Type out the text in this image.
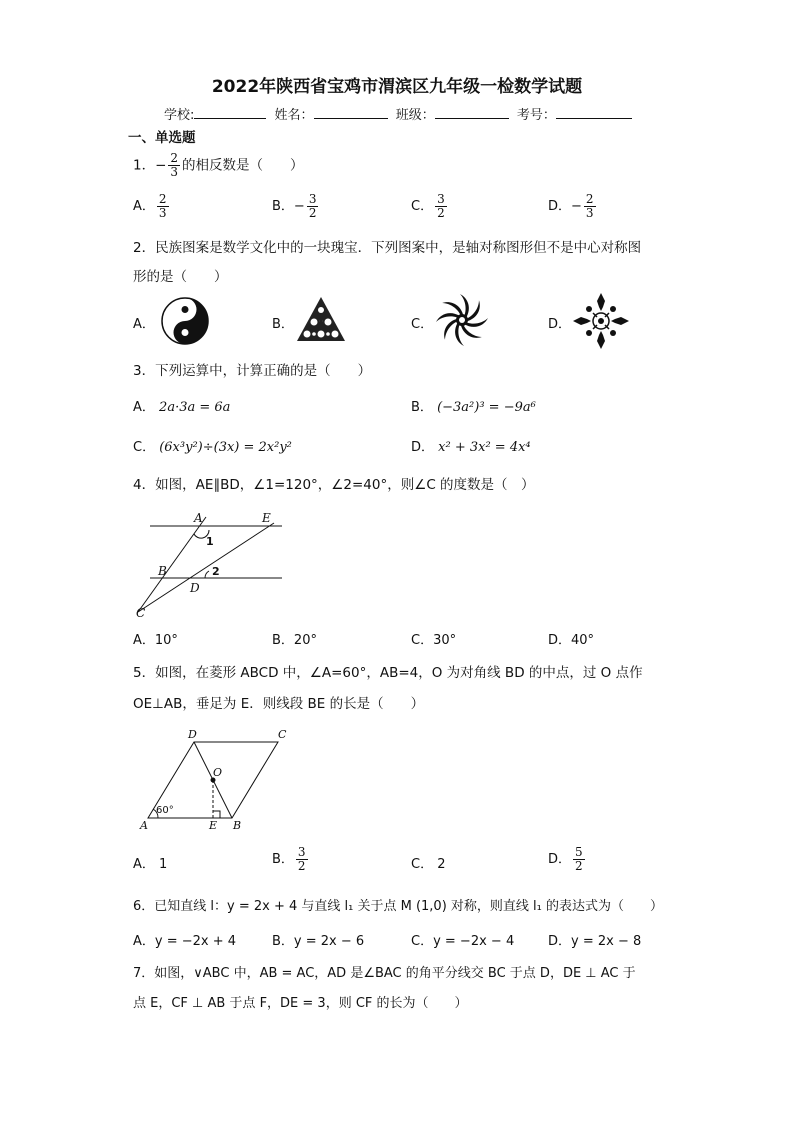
2022年陕西省宝鸡市渭滨区九年级一检数学试题
学校:	姓名：	班级：	考号：
一、单选题
1．− $\frac{2}{3}$ 的相反数是（　　）
A． $\frac{2}{3}$	B．− $\frac{3}{2}$	C． $\frac{3}{2}$	D．− $\frac{2}{3}$
2．民族图案是数学文化中的一块瑰宝．下列图案中，是轴对称图形但不是中心对称图
形的是（　　）
A．	B．	C．	D．
3．下列运算中，计算正确的是（　　）
A． 2a·3a = 6a	B． (−3a²)³ = −9a⁶
C． (6x³y²)÷(3x) = 2x²y²	D． x² + 3x² = 4x⁴
4．如图，AE∥BD，∠1=120°，∠2=40°，则∠C 的度数是（　）
A	E
B
D
C
1
2
A．10°	B．20°	C．30°	D．40°
5．如图，在菱形 ABCD 中，∠A=60°，AB=4，O 为对角线 BD 的中点，过 O 点作
OE⊥AB，垂足为 E．则线段 BE 的长是（　　）
A	B
C
D
O
E
60°
A． 1	B． $\frac{3}{2}$	C． 2	D． $\frac{5}{2}$
6．已知直线 l：y = 2x + 4 与直线 l₁ 关于点 M (1,0) 对称，则直线 l₁ 的表达式为（　　）
A．y = −2x + 4	B．y = 2x − 6	C．y = −2x − 4	D．y = 2x − 8
7．如图，∨ABC 中，AB = AC，AD 是∠BAC 的角平分线交 BC 于点 D，DE ⊥ AC 于
点 E，CF ⊥ AB 于点 F，DE = 3，则 CF 的长为（　　）
